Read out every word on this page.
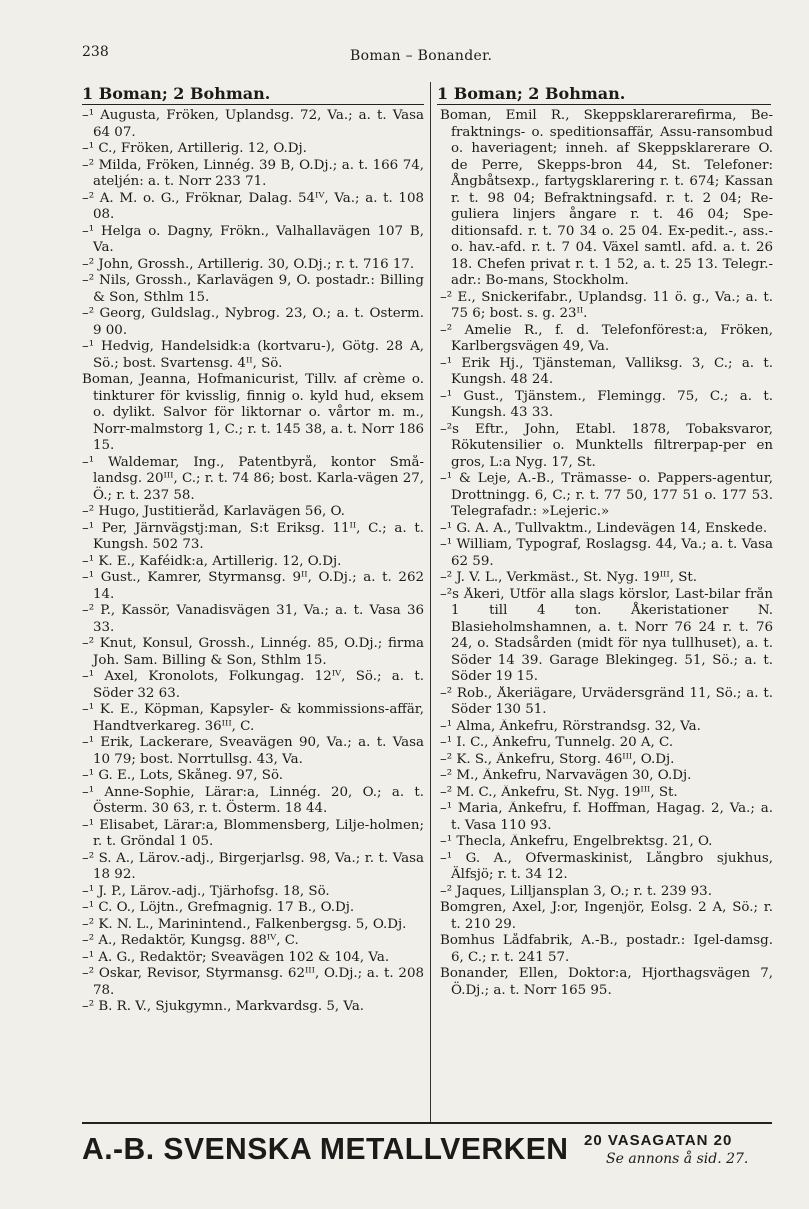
238	Boman – Bonander.
1 Boman; 2 Bohman.	1 Boman; 2 Bohman.

–¹ Augusta, Fröken, Uplandsg. 72, Va.; a. t. Vasa 64 07.

–¹ C., Fröken, Artillerig. 12, Ö.Dj.

–² Milda, Fröken, Linnég. 39 B, Ö.Dj.; a. t. 166 74, ateljén: a. t. Norr 233 71.

–² A. M. o. G., Fröknar, Dalag. 54ᴵⱽ, Va.; a. t. 108 08.

–¹ Helga o. Dagny, Frökn., Valhallavägen 107 B, Va.

–² John, Grossh., Artillerig. 30, Ö.Dj.; r. t. 716 17.

–² Nils, Grossh., Karlavägen 9, Ö. postadr.: Billing & Son, Sthlm 15.

–² Georg, Guldslag., Nybrog. 23, Ö.; a. t. Österm. 9 00.

–¹ Hedvig, Handelsidk:a (kortvaru-), Götg. 28 A, Sö.; bost. Svartensg. 4ᴵᴵ, Sö.

Boman, Jeanna, Hofmanicurist, Tillv. af crème o. tinkturer för kvisslig, finnig o. kyld hud, eksem o. dylikt. Salvor för liktornar o. vårtor m. m., Norr-malmstorg 1, C.; r. t. 145 38, a. t. Norr 186 15.

–¹ Waldemar, Ing., Patentbyrå, kontor Små-landsg. 20ᴵᴵᴵ, C.; r. t. 74 86; bost. Karla-vägen 27, Ö.; r. t. 237 58.

–² Hugo, Justitieråd, Karlavägen 56, Ö.

–¹ Per, Järnvägstj:man, S:t Eriksg. 11ᴵᴵ, C.; a. t. Kungsh. 502 73.

–¹ K. E., Kaféidk:a, Artillerig. 12, Ö.Dj.

–¹ Gust., Kamrer, Styrmansg. 9ᴵᴵ, Ö.Dj.; a. t. 262 14.

–² P., Kassör, Vanadisvägen 31, Va.; a. t. Vasa 36 33.

–² Knut, Konsul, Grossh., Linnég. 85, Ö.Dj.; firma Joh. Sam. Billing & Son, Sthlm 15.

–¹ Axel, Kronolots, Folkungag. 12ᴵⱽ, Sö.; a. t. Söder 32 63.

–¹ K. E., Köpman, Kapsyler- & kommissions-affär, Handtverkareg. 36ᴵᴵᴵ, C.

–¹ Erik, Lackerare, Sveavägen 90, Va.; a. t. Vasa 10 79; bost. Norrtullsg. 43, Va.

–¹ G. E., Lots, Skåneg. 97, Sö.

–¹ Anne-Sophie, Lärar:a, Linnég. 20, Ö.; a. t. Österm. 30 63, r. t. Österm. 18 44.

–¹ Elisabet, Lärar:a, Blommensberg, Lilje-holmen; r. t. Gröndal 1 05.

–² S. A., Lärov.-adj., Birgerjarlsg. 98, Va.; r. t. Vasa 18 92.

–¹ J. P., Lärov.-adj., Tjärhofsg. 18, Sö.

–¹ C. O., Löjtn., Grefmagnig. 17 B., Ö.Dj.

–² K. N. L., Marinintend., Falkenbergsg. 5, Ö.Dj.

–² A., Redaktör, Kungsg. 88ᴵⱽ, C.

–¹ A. G., Redaktör; Sveavägen 102 & 104, Va.

–² Oskar, Revisor, Styrmansg. 62ᴵᴵᴵ, Ö.Dj.; a. t. 208 78.

–² B. R. V., Sjukgymn., Markvardsg. 5, Va.

Boman, Emil R., Skeppsklarerarefirma, Be-fraktnings- o. speditionsaffär, Assu-ransombud o. haveriagent; inneh. af Skeppsklarerare O. de Perre, Skepps-bron 44, St. Telefoner: Ångbåtsexp., fartygsklarering r. t. 674; Kassan r. t. 98 04; Befraktningsafd. r. t. 2 04; Re-guliera linjers ångare r. t. 46 04; Spe-ditionsafd. r. t. 70 34 o. 25 04. Ex-pedit.-, ass.- o. hav.-afd. r. t. 7 04. Växel samtl. afd. a. t. 26 18. Chefen privat r. t. 1 52, a. t. 25 13. Telegr.-adr.: Bo-mans, Stockholm.

–² E., Snickerifabr., Uplandsg. 11 ö. g., Va.; a. t. 75 6; bost. s. g. 23ᴵᴵ.

–² Amelie R., f. d. Telefonförest:a, Fröken, Karlbergsvägen 49, Va.

–¹ Erik Hj., Tjänsteman, Valliksg. 3, C.; a. t. Kungsh. 48 24.

–¹ Gust., Tjänstem., Flemingg. 75, C.; a. t. Kungsh. 43 33.

–²s Eftr., John, Etabl. 1878, Tobaksvaror, Rökutensilier o. Munktells filtrerpap-per en gros, L:a Nyg. 17, St.

–¹ & Leje, A.-B., Trämasse- o. Pappers-agentur, Drottningg. 6, C.; r. t. 77 50, 177 51 o. 177 53. Telegrafadr.: »Lejeric.»

–¹ G. A. A., Tullvaktm., Lindevägen 14, Enskede.

–¹ William, Typograf, Roslagsg. 44, Va.; a. t. Vasa 62 59.

–² J. V. L., Verkmäst., St. Nyg. 19ᴵᴵᴵ, St.

–²s Åkeri, Utför alla slags körslor, Last-bilar från 1 till 4 ton. Åkeristationer N. Blasieholmshamnen, a. t. Norr 76 24 r. t. 76 24, o. Stadsården (midt för nya tullhuset), a. t. Söder 14 39. Garage Blekingeg. 51, Sö.; a. t. Söder 19 15.

–² Rob., Åkeriägare, Urvädersgränd 11, Sö.; a. t. Söder 130 51.

–¹ Alma, Änkefru, Rörstrandsg. 32, Va.

–¹ I. C., Änkefru, Tunnelg. 20 A, C.

–² K. S., Änkefru, Storg. 46ᴵᴵᴵ, Ö.Dj.

–² M., Änkefru, Narvavägen 30, Ö.Dj.

–² M. C., Änkefru, St. Nyg. 19ᴵᴵᴵ, St.

–¹ Maria, Änkefru, f. Hoffman, Hagag. 2, Va.; a. t. Vasa 110 93.

–¹ Thecla, Änkefru, Engelbrektsg. 21, Ö.

–¹ G. A., Öfvermaskinist, Långbro sjukhus, Älfsjö; r. t. 34 12.

–² Jaques, Lilljansplan 3, Ö.; r. t. 239 93.

Bomgren, Axel, J:or, Ingenjör, Eolsg. 2 A, Sö.; r. t. 210 29.

Bomhus Lådfabrik, A.-B., postadr.: Igel-damsg. 6, C.; r. t. 241 57.

Bonander, Ellen, Doktor:a, Hjorthagsvägen 7, Ö.Dj.; a. t. Norr 165 95.

A.-B. SVENSKA METALLVERKEN 20 VASAGATAN 20
Se annons å sid. 27.
